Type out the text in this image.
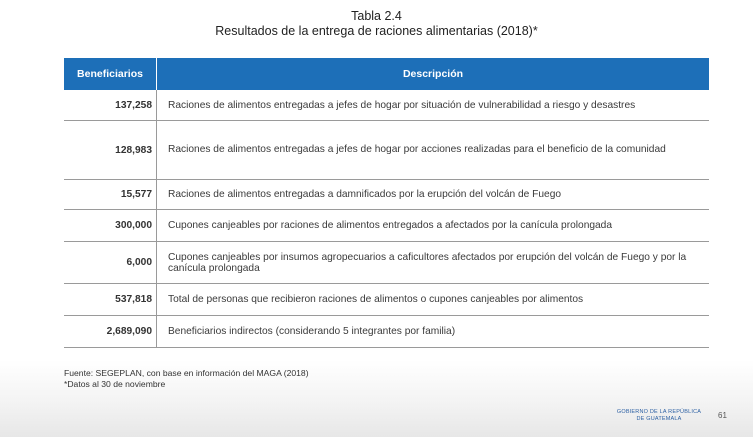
Tabla 2.4
Resultados de la entrega de raciones alimentarias (2018)*
Beneficiarios	Descripción
137,258	Raciones de alimentos entregadas a jefes de hogar por situación de vulnerabilidad a riesgo y desastres
128,983	Raciones de alimentos entregadas a jefes de hogar por acciones realizadas para el beneficio de la comunidad
15,577	Raciones de alimentos entregadas a damnificados por la erupción del volcán de Fuego
300,000	Cupones canjeables por raciones de alimentos entregados a afectados por la canícula prolongada
6,000	Cupones canjeables por insumos agropecuarios a caficultores afectados por erupción del volcán de Fuego y por la canícula prolongada
537,818	Total de personas que recibieron raciones de alimentos o cupones canjeables por alimentos
2,689,090	Beneficiarios indirectos (considerando 5 integrantes por familia)
Fuente: SEGEPLAN, con base en información del MAGA (2018)
*Datos al 30 de noviembre
GOBIERNO DE LA REPÚBLICA
DE GUATEMALA	61
